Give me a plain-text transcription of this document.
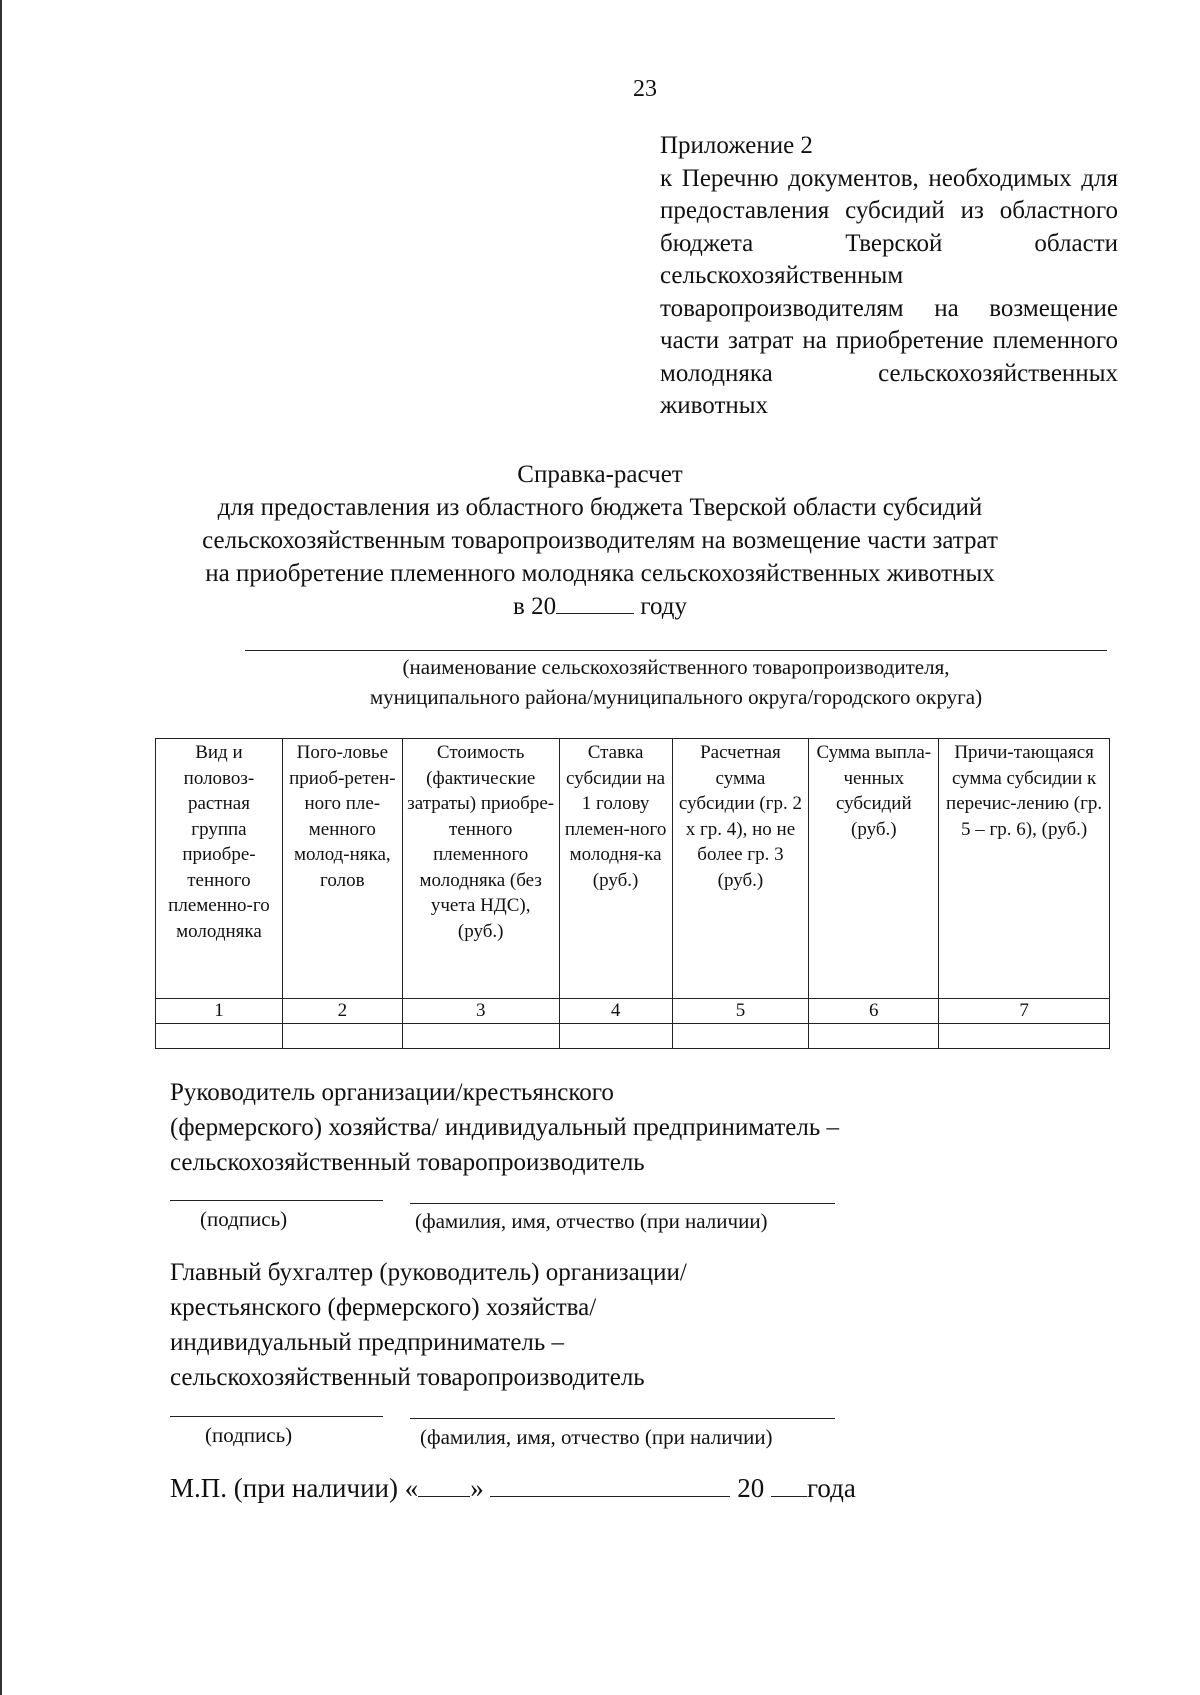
23
Приложение 2
к Перечню документов, необходимых для предоставления субсидий из областного бюджета Тверской области сельскохозяйственным товаропроизводителям на возмещение части затрат на приобретение племенного молодняка сельскохозяйственных животных
Справка-расчет
для предоставления из областного бюджета Тверской области субсидий
сельскохозяйственным товаропроизводителям на возмещение части затрат
на приобретение племенного молодняка сельскохозяйственных животных
в 20	году
(наименование сельскохозяйственного товаропроизводителя,
муниципального района/муниципального округа/городского округа)
Вид и половоз-растная группа приобре-тенного племенно-го молодняка	Пого-ловье приоб-ретен-ного пле-менного молод-няка, голов	Стоимость (фактические затраты) приобре-тенного племенного молодняка (без учета НДС), (руб.)	Ставка субсидии на 1 голову племен-ного молодня-ка (руб.)	Расчетная сумма субсидии (гр. 2 х гр. 4), но не более гр. 3 (руб.)	Сумма выпла-ченных субсидий (руб.)	Причи-тающаяся сумма субсидии к перечис-лению (гр. 5 – гр. 6), (руб.)
1	2	3	4	5	6	7

Руководитель организации/крестьянского
(фермерского) хозяйства/ индивидуальный предприниматель –
сельскохозяйственный товаропроизводитель
(подпись)	(фамилия, имя, отчество (при наличии)
Главный бухгалтер (руководитель) организации/
крестьянского (фермерского) хозяйства/
индивидуальный предприниматель –
сельскохозяйственный товаропроизводитель
(подпись)	(фамилия, имя, отчество (при наличии)
М.П. (при наличии) « »	20 года
